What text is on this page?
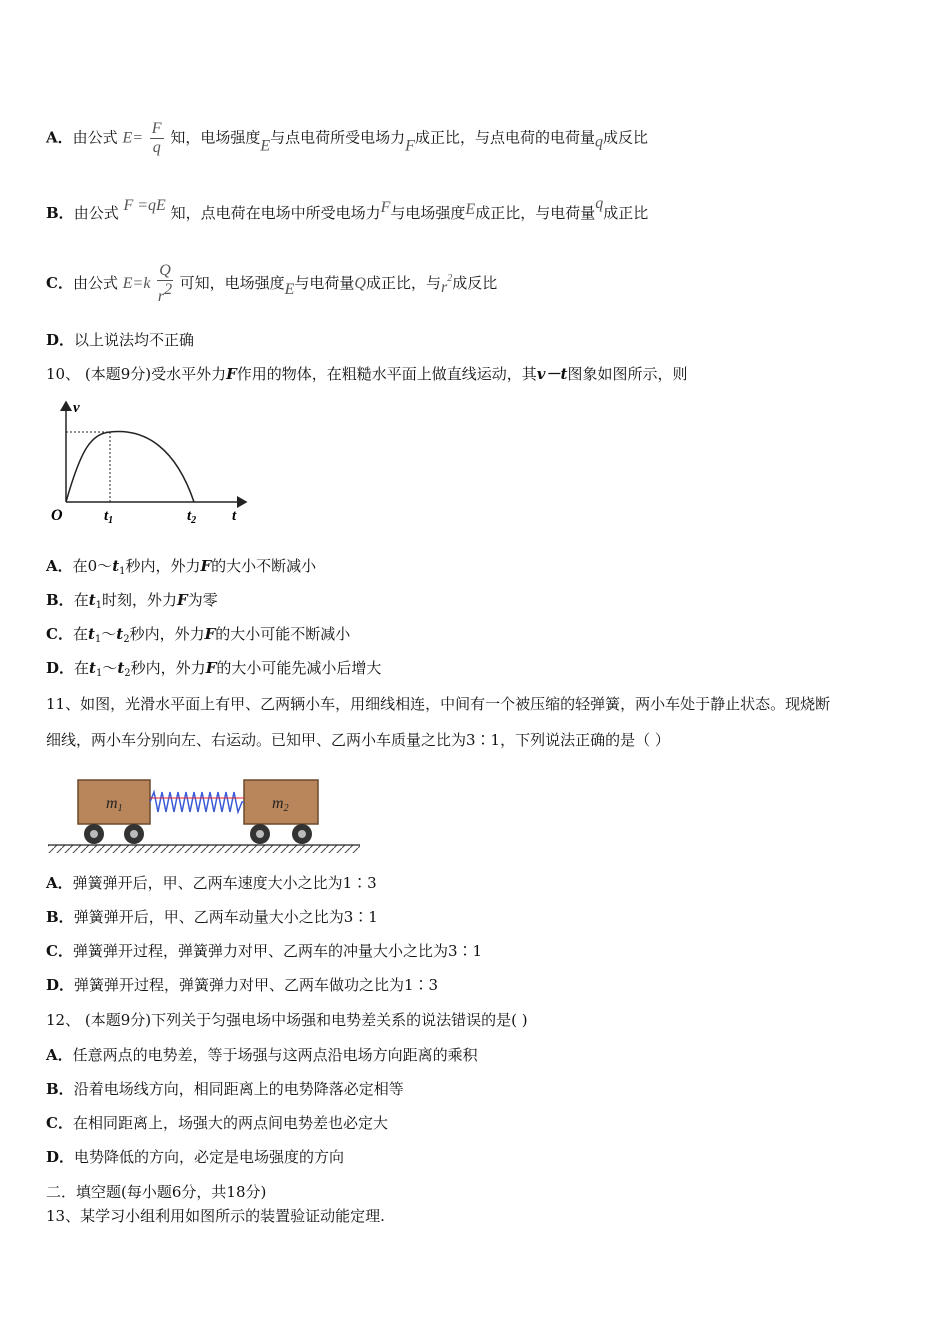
A．由公式 $E= \frac{F}{q}$ 知，电场强度E与点电荷所受电场力F成正比，与点电荷的电荷量q成反比
B．由公式 F =qE 知，点电荷在电场中所受电场力F与电场强度E成正比，与电荷量q成正比
C．由公式 $E=k \frac{Q}{r2}$ 可知，电场强度E与电荷量Q成正比，与$r^2$成反比
D．以上说法均不正确
10、 (本题9分)受水平外力F作用的物体，在粗糙水平面上做直线运动，其v－t图象如图所示，则
v
O	$t_1$	$t_2$ t
A．在$0\sim t_1$秒内，外力F的大小不断减小
B．在$t_1$时刻，外力F为零
C．在$t_1\sim t_2$秒内，外力F的大小可能不断减小
D．在$t_1\sim t_2$秒内，外力F的大小可能先减小后增大
11、如图，光滑水平面上有甲、乙两辆小车，用细线相连，中间有一个被压缩的轻弹簧，两小车处于静止状态。现烧断
细线，两小车分别向左、右运动。已知甲、乙两小车质量之比为3∶1，下列说法正确的是（ ）
m1	m2
A．弹簧弹开后，甲、乙两车速度大小之比为1∶3
B．弹簧弹开后，甲、乙两车动量大小之比为3∶1
C．弹簧弹开过程，弹簧弹力对甲、乙两车的冲量大小之比为3∶1
D．弹簧弹开过程，弹簧弹力对甲、乙两车做功之比为1∶3
12、 (本题9分)下列关于匀强电场中场强和电势差关系的说法错误的是( )
A．任意两点的电势差，等于场强与这两点沿电场方向距离的乘积
B．沿着电场线方向，相同距离上的电势降落必定相等
C．在相同距离上，场强大的两点间电势差也必定大
D．电势降低的方向，必定是电场强度的方向
二．填空题(每小题6分，共18分)
13、某学习小组利用如图所示的装置验证动能定理.
